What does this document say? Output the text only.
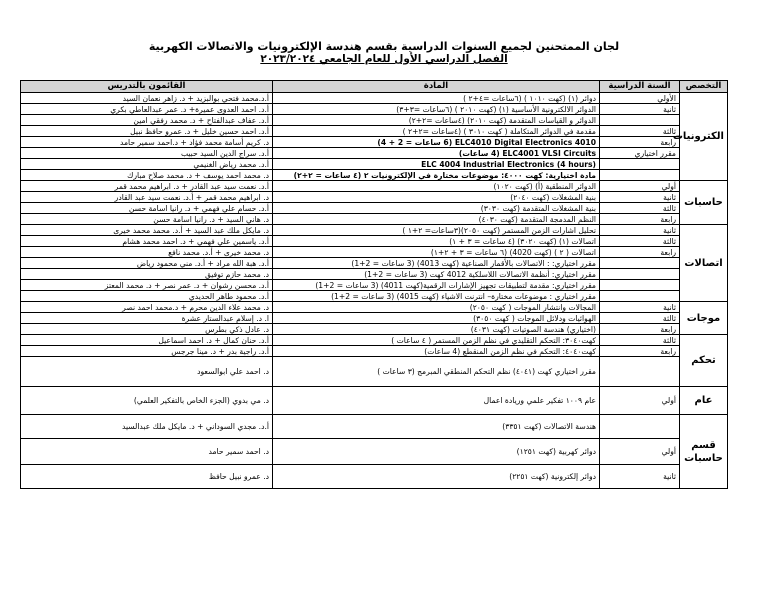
لجان الممتحنين لجميع السنوات الدراسية بقسم هندسة الإلكترونيات والاتصالات الكهربية
الفصل الدراسي الأول للعام الجامعي ٢٠٢٣/٢٠٢٤
التخصص	السنة الدراسية	المادة	القائمون بالتدريس
الكترونيات	الأولي	دوائر (١) (كهت ١٠١٠ ) (٦ساعات =٤+٢ )	أ.د.محمد فتحي بوالبزيد + د. زاهر نعمان السيد
	ثانية	الدوائر الالكترونية الأساسية (١) (كهت ٢٠١٠ ) (٦ساعات =٣+٣)	أ.د. احمد العدوى عميرة+ د. عمر عبدالعاطي بكري
		الدوائر و القياسات المتقدمة (كهت ٢٠١٠) (٤ساعات =٢+٢)	أ.د. عفاف عبدالفتاح + د. محمد رفقي امين
	ثالثة	مقدمة في الدوائر المتكاملة ( كهت ٣٠١٠ ) (٤ساعات =٢+٢ )	أ.د. احمد حسين خليل + د. عمرو حافظ نبيل
	رابعة	ELC4010 Digital Electronics 4010 (6 ساعات = 2 + 4)	د. كريم أسامة محمد فؤاد + د.احمد سمير حامد
	مقرر اختياري	ELC4001 VLSI Circuits (4 ساعات)	أ.د. سراج الدين السيد حبيب
		ELC 4004 Industrial Electronics (4 hours)	أ.د. محمد رياض الغنيمي
		مادة اختيارية: كهت ٤٠٠٠: موضوعات مختارة في الإلكترونيات ٢ (٤ ساعات = ٢+٢)	د. محمد احمد يوسف + د. محمد صلاح مبارك
حاسبات	أولي	الدوائر المنطقية (أ) (كهت ١٠٢٠)	أ.د. نعمت سيد عبد القادر + د. ابراهيم محمد قمر
	ثانية	بنية المشغلات (كهت ٢٠٤٠)	د. ابراهيم محمد قمر + أ.د. نعمت سيد عبد القادر
	ثالثة	بنية المشغلات المتقدمة (كهت ٣٠٣٠)	أ.د. حسام علي فهمي + د. رانيا اسامة حسن
	رابعة	النظم المدمجة المتقدمة (كهت ٤٠٣٠)	د. هاني السيد + د. رانيا اسامة حسن
اتصالات	ثانية	تحليل اشارات الزمن المستمر (كهت ٢٠٥٠)(٣ساعات= ٢+١ )	د. مايكل ملك عبد السيد + أ.د. محمد محمد خيرى
	ثالثة	اتصالات (١) (كهت ٣٠٢٠) (٤ ساعات = ٣ + ١)	أ.د. ياسمين علي فهمي + د. احمد محمد هشام
	رابعة	اتصالات ( ٢ ) (كهت 4020) (٦ ساعات = ٣ + ٢+١)	د. محمد خيرى + أ.د. محمد نافع
		مقرر اختياري: : الاتصالات بالأقمار الصناعية (كهت 4013) (3 ساعات = 2+1)	أ.د. هبة الله مراد + أ.د. مني محمود رياض
		مقرر اختياري: أنظمة الاتصالات اللاسلكية 4012 كهت (3 ساعات = 2+1)	د. محمد حازم توفيق
		مقرر اختياري: مقدمة لتطبيقات تجهيز الإشارات الرقمية(كهت 4011) (3 ساعات = 2+1)	أ.د. محسن رشوان + د. عمر نصر + د. محمد المعتز
		مقرر اختياري : موضوعات مختارة– انترنت الاشياء (كهت 4015) (3 ساعات = 2+1)	أ.د. محمود طاهر الحديدي
موجات	ثانية	المجالات وانتشار الموجات ( كهت ٢٠٥٠)	د. محمد علاء الدين محرم + د.محمد احمد نصر
	ثالثة	الهوائيات ودلائل الموجات ( كهت ٣٠٥٠)	ا. د. إسلام عبدالستار عشرة
	رابعة	(اختياري) هندسة الصوتيات (كهت ٤٠٣١)	د. عادل ذكي بطرس
تحكم	ثالثة	كهت٣٠٤٠: التحكم التقليدي في نظم الزمن المستمر ( ٤ ساعات )	أ.د. حنان كمال + د. احمد اسماعيل
	رابعة	كهت٤٠٤٠: التحكم في نظم الزمن المنقطع (4 ساعات)	أ.د. راجية بدر + د. مينا جرجس
		مقرر اختياري كهت (٤٠٤١) نظم التحكم المنطقي المبرمج (٣ ساعات )	د. احمد علي ابوالسعود
عام	أولي	عام ١٠٠٩ تفكير علمي وريادة اعمال	د. مي بدوي (الجزء الخاص بالتفكير العلمي)
قسم حاسبات		هندسة الاتصالات (كهت ٣٣٥١)	أ.د. مجدي السوداني + د. مايكل ملك عبدالسيد
	أولي	دوائر كهربية (كهت ١٢٥١)	د. احمد سمير حامد
	ثانية	دوائر إلكترونية (كهت ٢٢٥١)	د. عمرو نبيل حافظ
